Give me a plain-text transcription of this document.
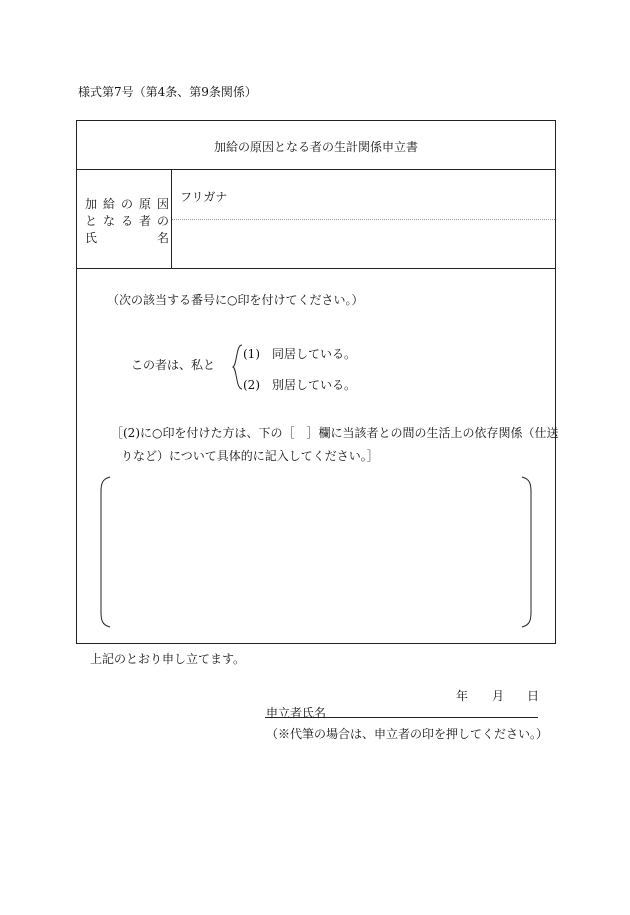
様式第7号（第4条、第9条関係）
加給の原因となる者の生計関係申立書
加 給 の 原 因
と な る 者 の
氏	名
フリガナ
（次の該当する番号に○印を付けてください。）
この者は、私と
(1)　同居している。
(2)　別居している。
［(2)に○印を付けた方は、下の［　］欄に当該者との間の生活上の依存関係（仕送
りなど）について具体的に記入してください。］
上記のとおり申し立てます。
年 月 日
申立者氏名
（※代筆の場合は、申立者の印を押してください。）
